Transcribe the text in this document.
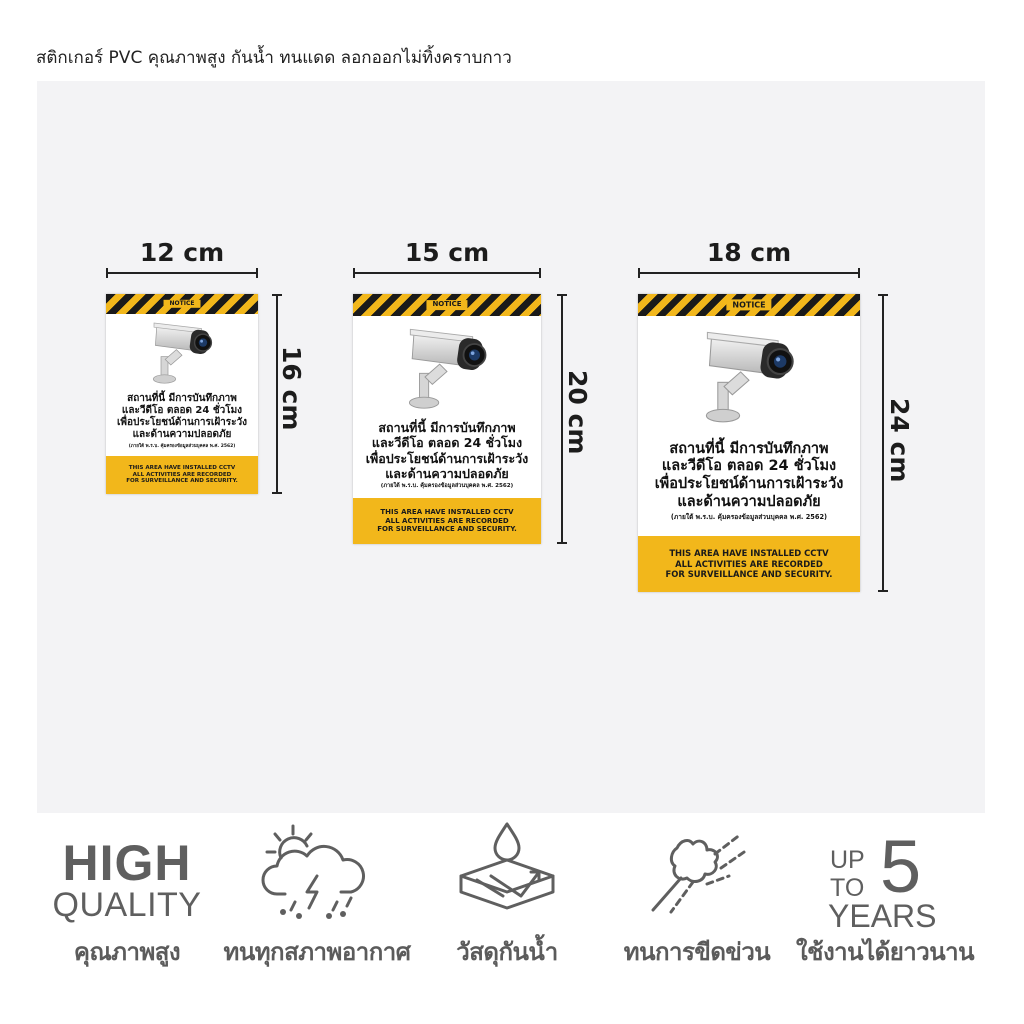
สติกเกอร์ PVC คุณภาพสูง กันน้ำ ทนแดด ลอกออกไม่ทิ้งคราบกาว
12 cm
16 cm
NOTICE
สถานที่นี้ มีการบันทึกภาพ
และวีดีโอ ตลอด 24 ชั่วโมง
เพื่อประโยชน์ด้านการเฝ้าระวัง
และด้านความปลอดภัย
(ภายใต้ พ.ร.บ. คุ้มครองข้อมูลส่วนบุคคล พ.ศ. 2562)
THIS AREA HAVE INSTALLED CCTV
ALL ACTIVITIES ARE RECORDED
FOR SURVEILLANCE AND SECURITY.
15 cm
20 cm
NOTICE
สถานที่นี้ มีการบันทึกภาพ
และวีดีโอ ตลอด 24 ชั่วโมง
เพื่อประโยชน์ด้านการเฝ้าระวัง
และด้านความปลอดภัย
(ภายใต้ พ.ร.บ. คุ้มครองข้อมูลส่วนบุคคล พ.ศ. 2562)
THIS AREA HAVE INSTALLED CCTV
ALL ACTIVITIES ARE RECORDED
FOR SURVEILLANCE AND SECURITY.
18 cm
24 cm
NOTICE
สถานที่นี้ มีการบันทึกภาพ
และวีดีโอ ตลอด 24 ชั่วโมง
เพื่อประโยชน์ด้านการเฝ้าระวัง
และด้านความปลอดภัย
(ภายใต้ พ.ร.บ. คุ้มครองข้อมูลส่วนบุคคล พ.ศ. 2562)
THIS AREA HAVE INSTALLED CCTV
ALL ACTIVITIES ARE RECORDED
FOR SURVEILLANCE AND SECURITY.
HIGH
QUALITY
คุณภาพสูง	ทนทุกสภาพอากาศ	วัสดุกันน้ำ	ทนการขีดข่วน
UP
TO 5
YEARS
ใช้งานได้ยาวนาน
